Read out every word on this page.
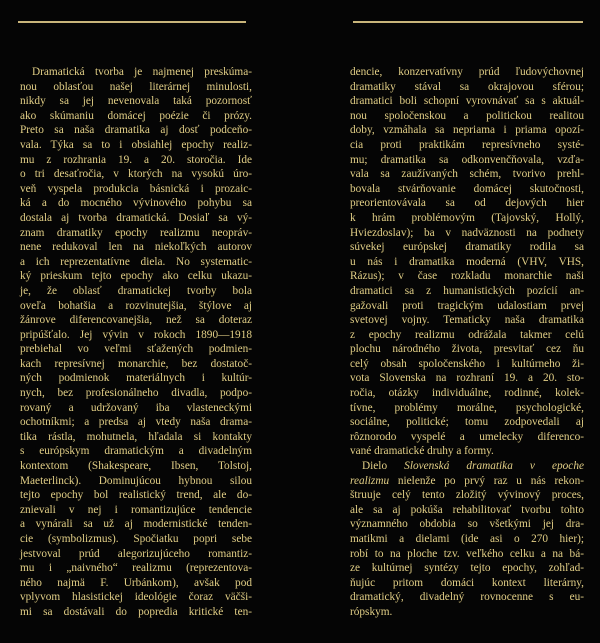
Dramatická tvorba je najmenej preskúma-
nou oblasťou našej literárnej minulosti,
nikdy sa jej nevenovala taká pozornosť
ako skúmaniu domácej poézie či prózy.
Preto sa naša dramatika aj dosť podceňo-
vala. Týka sa to i obsiahlej epochy realiz-
mu z rozhrania 19. a 20. storočia. Ide
o tri desaťročia, v ktorých na vysokú úro-
veň vyspela produkcia básnická i prozaic-
ká a do mocného vývinového pohybu sa
dostala aj tvorba dramatická. Dosiaľ sa vý-
znam dramatiky epochy realizmu neopráv-
nene redukoval len na niekoľkých autorov
a ich reprezentatívne diela. No systematic-
ký prieskum tejto epochy ako celku ukazu-
je, že oblasť dramatickej tvorby bola
oveľa bohatšia a rozvinutejšia, štýlove aj
žánrove diferencovanejšia, než sa doteraz
pripúšťalo. Jej vývin v rokoch 1890—1918
prebiehal vo veľmi sťažených podmien-
kach represívnej monarchie, bez dostatoč-
ných podmienok materiálnych i kultúr-
nych, bez profesionálneho divadla, podpo-
rovaný a udržovaný iba vlasteneckými
ochotníkmi; a predsa aj vtedy naša drama-
tika rástla, mohutnela, hľadala si kontakty
s európskym dramatickým a divadelným
kontextom (Shakespeare, Ibsen, Tolstoj,
Maeterlinck). Dominujúcou hybnou silou
tejto epochy bol realistický trend, ale do-
znievali v nej i romantizujúce tendencie
a vynárali sa už aj modernistické tenden-
cie (symbolizmus). Spočiatku popri sebe
jestvoval prúd alegorizujúceho romantiz-
mu i „naivného“ realizmu (reprezentova-
ného najmä F. Urbánkom), avšak pod
vplyvom hlasistickej ideológie čoraz väčši-
mi sa dostávali do popredia kritické ten-
dencie, konzervatívny prúd ľudovýchovnej
dramatiky stával sa okrajovou sférou;
dramatici boli schopní vyrovnávať sa s aktuál-
nou spoločenskou a politickou realitou
doby, vzmáhala sa nepriama i priama opozí-
cia proti praktikám represívneho systé-
mu; dramatika sa odkonvenčňovala, vzďa-
vala sa zaužívaných schém, tvorivo prehl-
bovala stvárňovanie domácej skutočnosti,
preorientovávala sa od dejových hier
k hrám problémovým (Tajovský, Hollý,
Hviezdoslav); ba v nadväznosti na podnety
súvekej európskej dramatiky rodila sa
u nás i dramatika moderná (VHV, VHS,
Rázus); v čase rozkladu monarchie naši
dramatici sa z humanistických pozícií an-
gažovali proti tragickým udalostiam prvej
svetovej vojny. Tematicky naša dramatika
z epochy realizmu odrážala takmer celú
plochu národného života, presvitať cez ňu
celý obsah spoločenského i kultúrneho ži-
vota Slovenska na rozhraní 19. a 20. sto-
ročia, otázky individuálne, rodinné, kolek-
tívne, problémy morálne, psychologické,
sociálne, politické; tomu zodpovedali aj
rôznorodo vyspelé a umelecky diferenco-
vané dramatické druhy a formy.
Dielo Slovenská dramatika v epoche
realizmu nielenže po prvý raz u nás rekon-
štruuje celý tento zložitý vývinový proces,
ale sa aj pokúša rehabilitovať tvorbu tohto
významného obdobia so všetkými jej dra-
matikmi a dielami (ide asi o 270 hier);
robí to na ploche tzv. veľkého celku a na bá-
ze kultúrnej syntézy tejto epochy, zohľad-
ňujúc pritom domáci kontext literárny,
dramatický, divadelný rovnocenne s eu-
rópskym.
